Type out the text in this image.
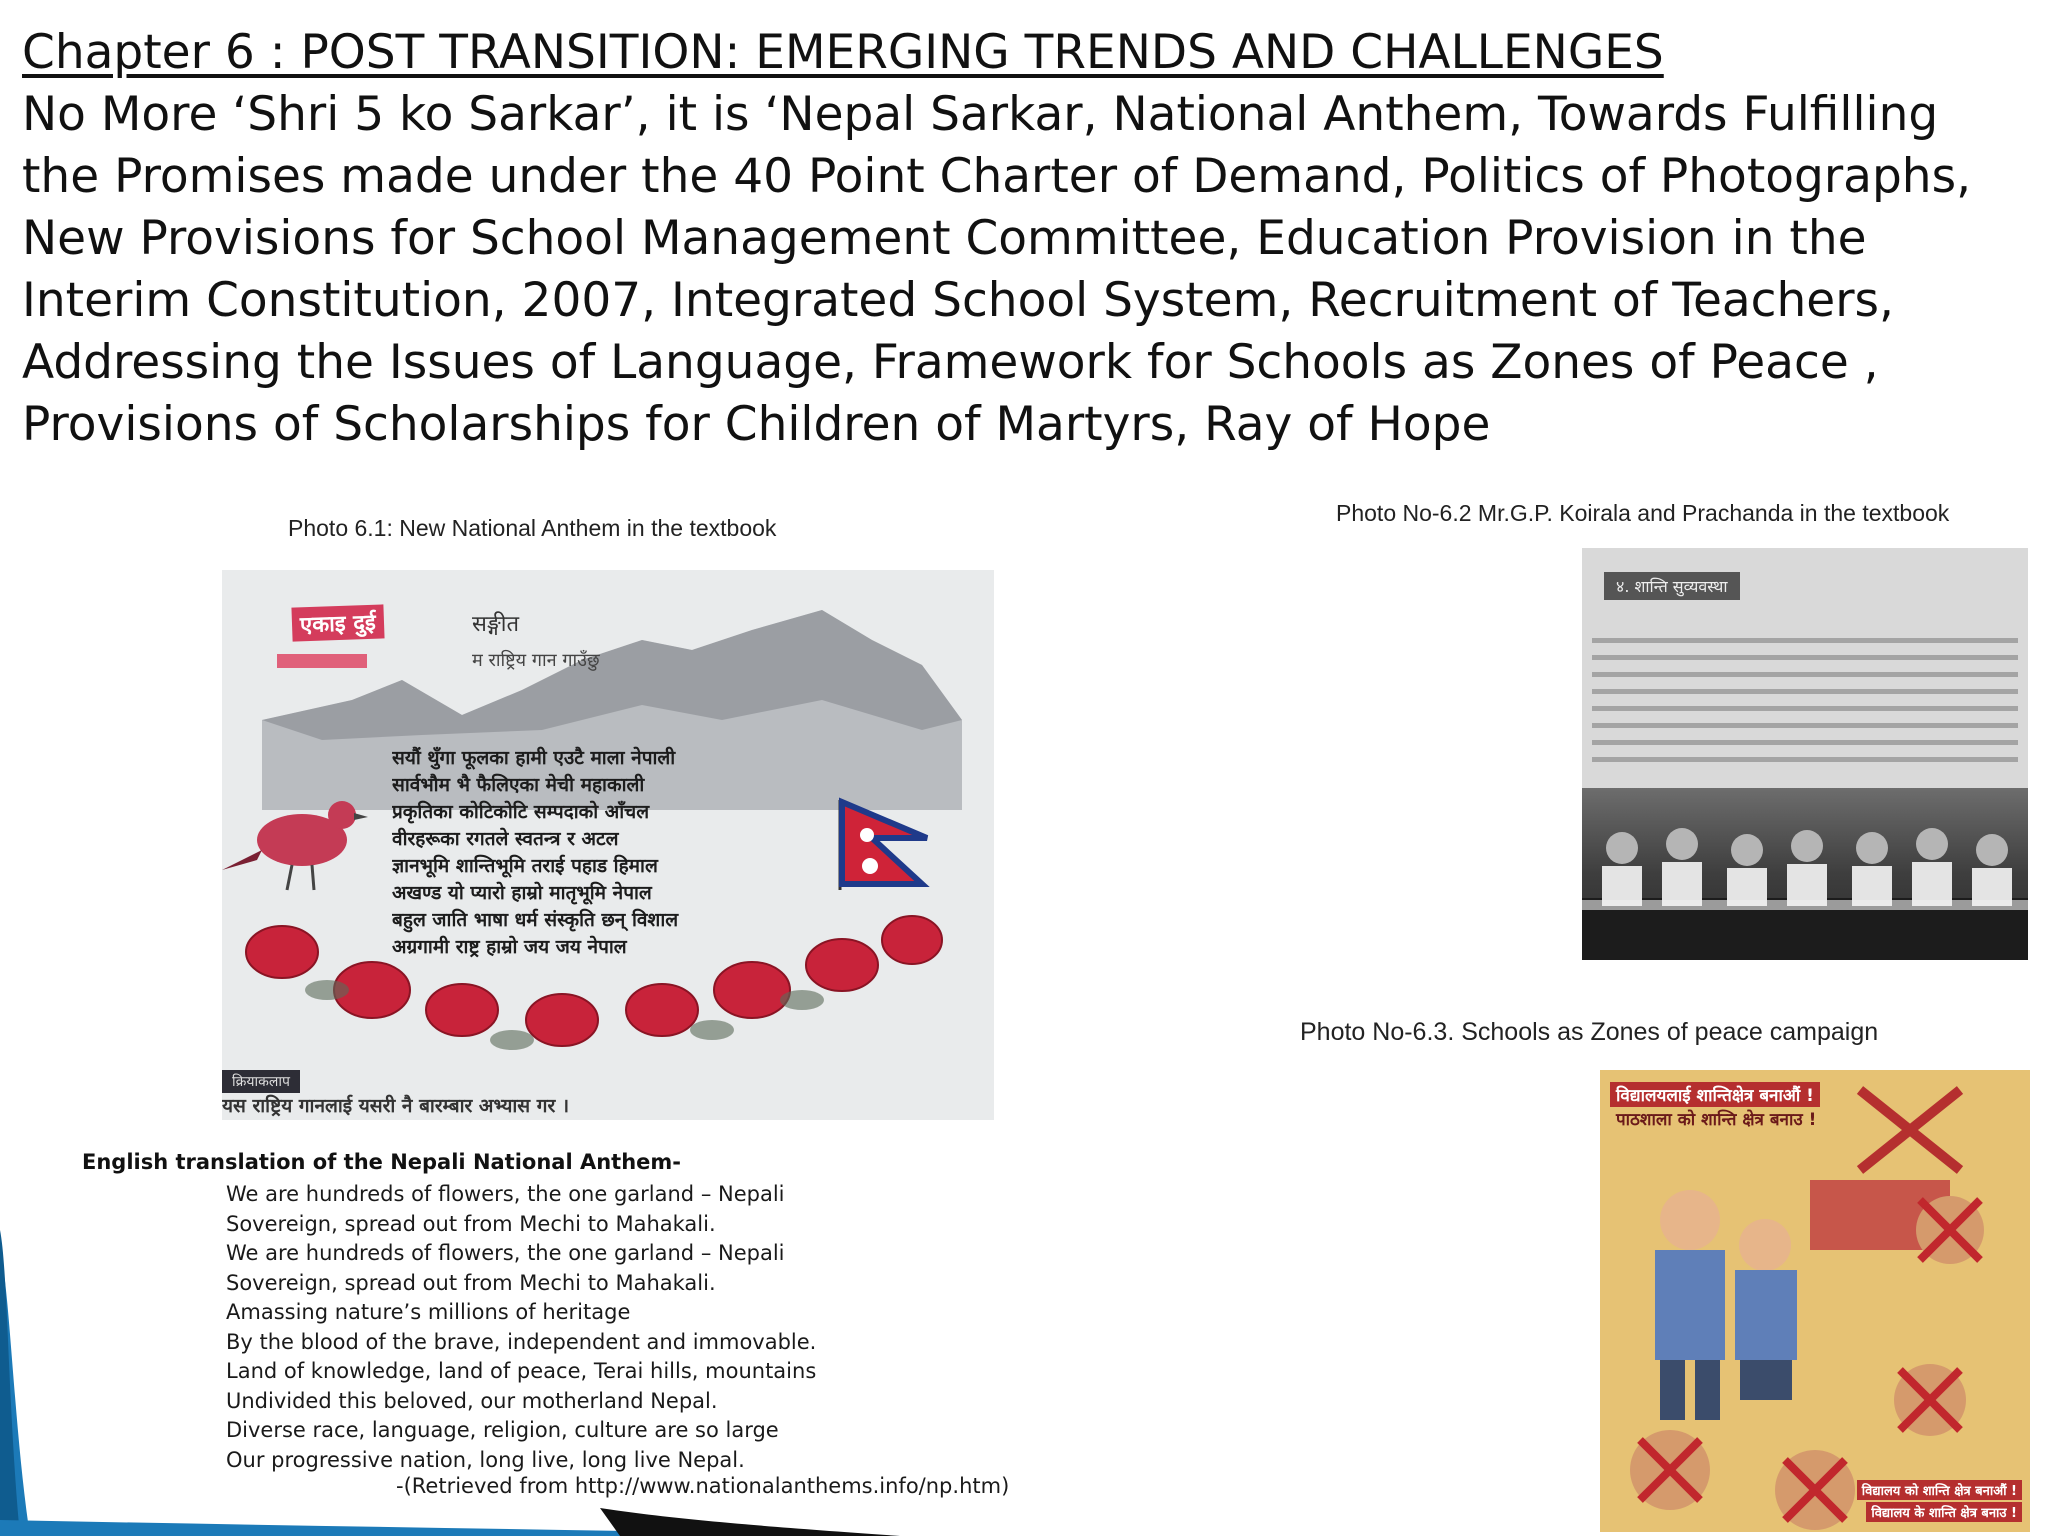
Chapter 6 : POST TRANSITION: EMERGING TRENDS AND CHALLENGES

No More ‘Shri 5 ko Sarkar’, it is ‘Nepal Sarkar, National Anthem, Towards Fulfilling the Promises made under the 40 Point Charter of Demand, Politics of Photographs, New Provisions for School Management Committee, Education Provision in the Interim Constitution, 2007, Integrated School System, Recruitment of Teachers, Addressing the Issues of Language, Framework for Schools as Zones of Peace , Provisions of Scholarships for Children of Martyrs, Ray of Hope

Photo 6.1: New National Anthem in the textbook
एकाइ दुई	सङ्गीत
म राष्ट्रिय गान गाउँछु
सयौं थुँगा फूलका हामी एउटै माला नेपाली
सार्वभौम भै फैलिएका मेची महाकाली
प्रकृतिका कोटिकोटि सम्पदाको आँचल
वीरहरूका रगतले स्वतन्त्र र अटल
ज्ञानभूमि शान्तिभूमि तराई पहाड हिमाल
अखण्ड यो प्यारो हाम्रो मातृभूमि नेपाल
बहुल जाति भाषा धर्म संस्कृति छन् विशाल
अग्रगामी राष्ट्र हाम्रो जय जय नेपाल
क्रियाकलाप
यस राष्ट्रिय गानलाई यसरी नै बारम्बार अभ्यास गर ।
English translation of the Nepali National Anthem-
We are hundreds of flowers, the one garland – Nepali
Sovereign, spread out from Mechi to Mahakali.
We are hundreds of flowers, the one garland – Nepali
Sovereign, spread out from Mechi to Mahakali.
Amassing nature’s millions of heritage
By the blood of the brave, independent and immovable.
Land of knowledge, land of peace, Terai hills, mountains
Undivided this beloved, our motherland Nepal.
Diverse race, language, religion, culture are so large
Our progressive nation, long live, long live Nepal.
-(Retrieved from http://www.nationalanthems.info/np.htm)
Photo No-6.2 Mr.G.P. Koirala and Prachanda in the textbook
४. शान्ति सुव्यवस्था
Photo No-6.3. Schools as Zones of peace campaign
विद्यालयलाई शान्तिक्षेत्र बनाऔं !
पाठशाला को शान्ति क्षेत्र बनाउ !
विद्यालय को शान्ति क्षेत्र बनाऔं !
विद्यालय के शान्ति क्षेत्र बनाउ !
